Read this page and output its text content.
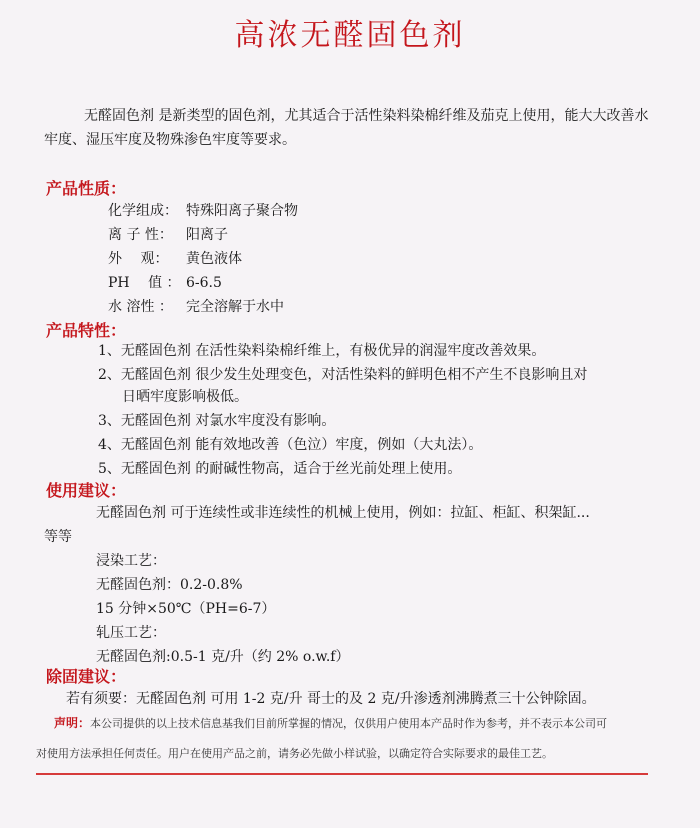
高浓无醛固色剂

无醛固色剂 是新类型的固色剂，尤其适合于活性染料染棉纤维及茄克上使用，能大大改善水牢度、湿压牢度及物殊渗色牢度等要求。

产品性质：
化学组成： 特殊阳离子聚合物
离 子 性： 阳离子
外 　观： 黄色液体
PH 　值 ： 6-6.5
水 溶性 ： 完全溶解于水中
产品特性：
1、无醛固色剂 在活性染料染棉纤维上，有极优异的润湿牢度改善效果。
2、无醛固色剂 很少发生处理变色，对活性染料的鲜明色相不产生不良影响且对
日晒牢度影响极低。
3、无醛固色剂 对氯水牢度没有影响。
4、无醛固色剂 能有效地改善（色泣）牢度，例如（大丸法）。
5、无醛固色剂 的耐碱性物高，适合于丝光前处理上使用。
使用建议：
无醛固色剂 可于连续性或非连续性的机械上使用，例如：拉缸、柜缸、积架缸...
等等
浸染工艺：
无醛固色剂：0.2-0.8%
15 分钟×50℃（PH=6-7）
轧压工艺：
无醛固色剂:0.5-1 克/升（约 2% o.w.f）
除固建议：
若有须要：无醛固色剂 可用 1-2 克/升 哥士的及 2 克/升渗透剂沸腾煮三十公钟除固。
声明：本公司提供的以上技术信息基我们目前所掌握的情况，仅供用户使用本产品时作为参考，并不表示本公司可
对使用方法承担任何责任。用户在使用产品之前，请务必先做小样试验，以确定符合实际要求的最佳工艺。
